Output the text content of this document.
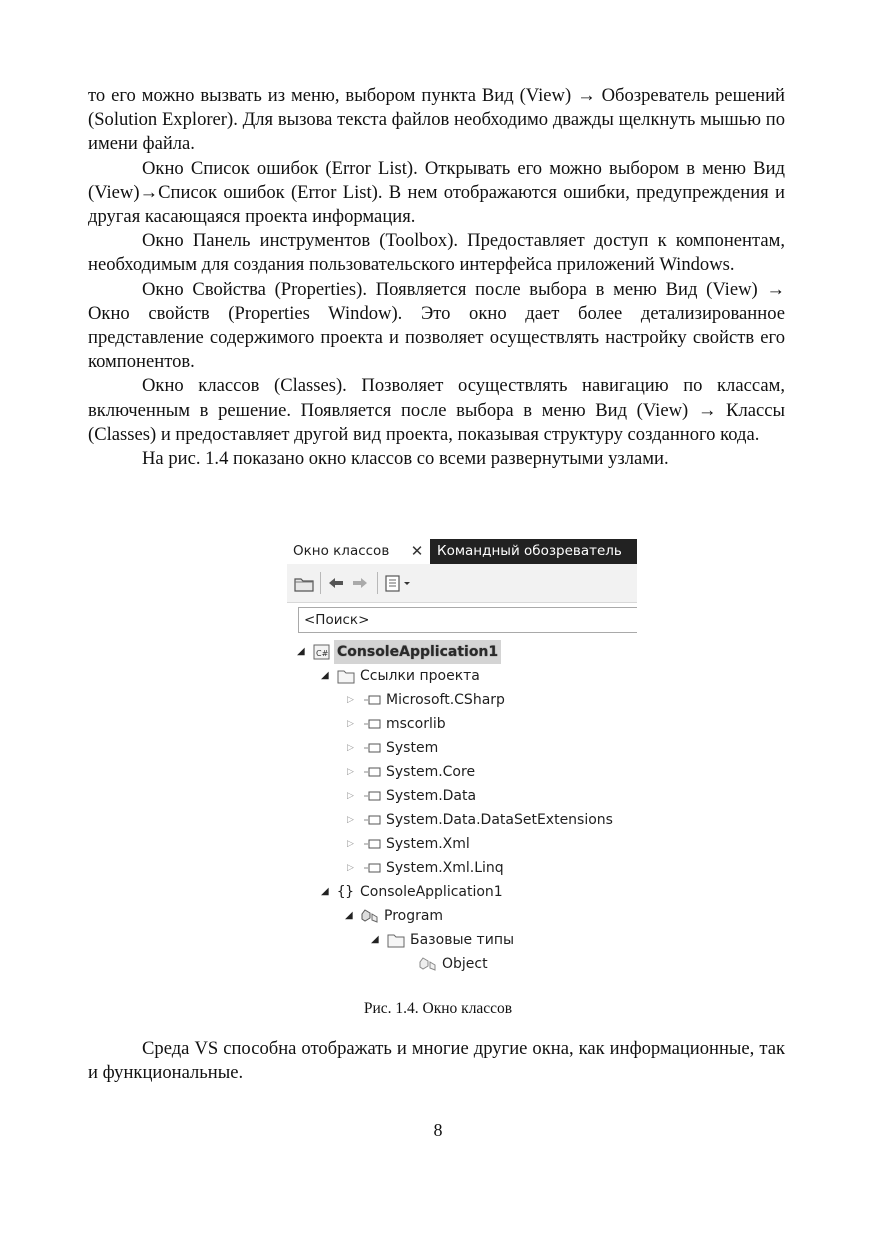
то его можно вызвать из меню, выбором пункта Вид (View) → Обозреватель решений (Solution Explorer). Для вызова текста файлов необходимо дважды щелкнуть мышью по имени файла.

Окно Список ошибок (Error List). Открывать его можно выбором в меню Вид (View)→Список ошибок (Error List). В нем отображаются ошибки, предупреждения и другая касающаяся проекта информация.

Окно Панель инструментов (Toolbox). Предоставляет доступ к компонентам, необходимым для создания пользовательского интерфейса приложений Windows.

Окно Свойства (Properties). Появляется после выбора в меню Вид (View) → Окно свойств (Properties Window). Это окно дает более детализированное представление содержимого проекта и позволяет осуществлять настройку свойств его компонентов.

Окно классов (Classes). Позволяет осуществлять навигацию по классам, включенным в решение. Появляется после выбора в меню Вид (View) → Классы (Classes) и предоставляет другой вид проекта, показывая структуру созданного кода.

На рис. 1.4 показано окно классов со всеми развернутыми узлами.

Окно классов	✕	Командный обозреватель
<Поиск>
◢	C# ConsoleApplication1
◢	Ссылки проекта
▷	Microsoft.CSharp
▷	mscorlib
▷	System
▷	System.Core
▷	System.Data
▷	System.Data.DataSetExtensions
▷	System.Xml
▷	System.Xml.Linq
◢ {} ConsoleApplication1
◢	Program
◢	Базовые типы
Object
Рис. 1.4. Окно классов

Среда VS способна отображать и многие другие окна, как информационные, так и функциональные.

8
